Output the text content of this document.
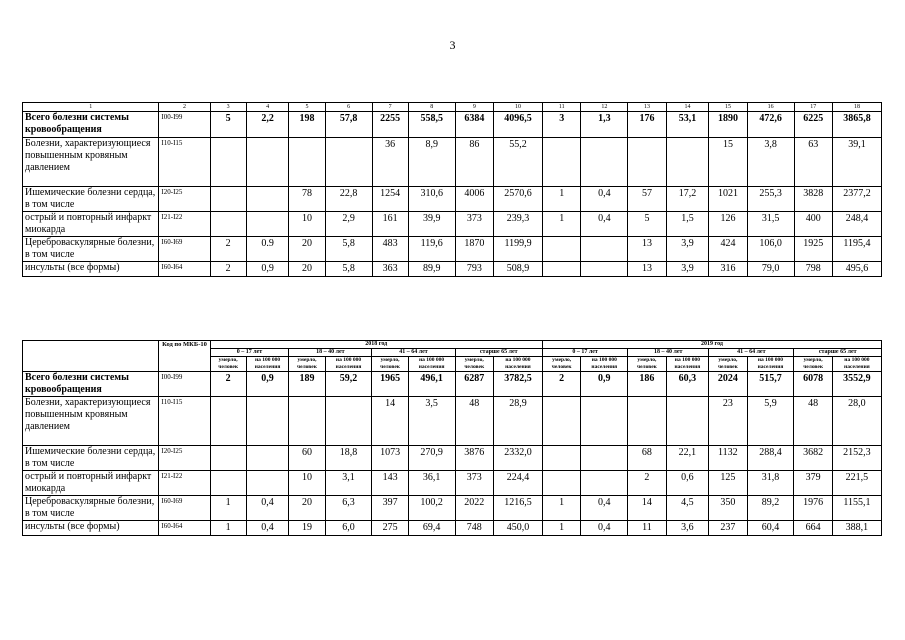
3
1	2	3	4	5	6	7	8	9	10	11	12	13	14	15	16	17	18
Всего болезни системы кровообращения	I00-I99	5	2,2	198	57,8	2255	558,5	6384	4096,5	3	1,3	176	53,1	1890	472,6	6225	3865,8
Болезни, характеризующиеся повышенным кровяным давлением	I10-I15					36	8,9	86	55,2					15	3,8	63	39,1
Ишемические болезни сердца, в том числе	I20-I25			78	22,8	1254	310,6	4006	2570,6	1	0,4	57	17,2	1021	255,3	3828	2377,2
острый и повторный инфаркт миокарда	I21-I22			10	2,9	161	39,9	373	239,3	1	0,4	5	1,5	126	31,5	400	248,4
Цереброваскулярные болезни, в том числе	I60-I69	2	0.9	20	5,8	483	119,6	1870	1199,9			13	3,9	424	106,0	1925	1195,4
инсульты (все формы)	I60-I64	2	0,9	20	5,8	363	89,9	793	508,9			13	3,9	316	79,0	798	495,6
	Код по МКБ-10	2018 год								2019 год							
		0 – 17 лет		18 – 40 лет		41 – 64 лет		старше 65 лет		0 – 17 лет		18 – 40 лет		41 – 64 лет		старше 65 лет	
		умерло, человек	на 100 000 населения	умерло, человек	на 100 000 населения	умерло, человек	на 100 000 населения	умерло, человек	на 100 000 населения	умерло, человек	на 100 000 населения	умерло, человек	на 100 000 населения	умерло, человек	на 100 000 населения	умерло, человек	на 100 000 населения
Всего болезни системы кровообращения	I00-I99	2	0,9	189	59,2	1965	496,1	6287	3782,5	2	0,9	186	60,3	2024	515,7	6078	3552,9
Болезни, характеризующиеся повышенным кровяным давлением	I10-I15					14	3,5	48	28,9					23	5,9	48	28,0
Ишемические болезни сердца, в том числе	I20-I25			60	18,8	1073	270,9	3876	2332,0			68	22,1	1132	288,4	3682	2152,3
острый и повторный инфаркт миокарда	I21-I22			10	3,1	143	36,1	373	224,4			2	0,6	125	31,8	379	221,5
Цереброваскулярные болезни, в том числе	I60-I69	1	0,4	20	6,3	397	100,2	2022	1216,5	1	0,4	14	4,5	350	89,2	1976	1155,1
инсульты (все формы)	I60-I64	1	0,4	19	6,0	275	69,4	748	450,0	1	0,4	11	3,6	237	60,4	664	388,1
